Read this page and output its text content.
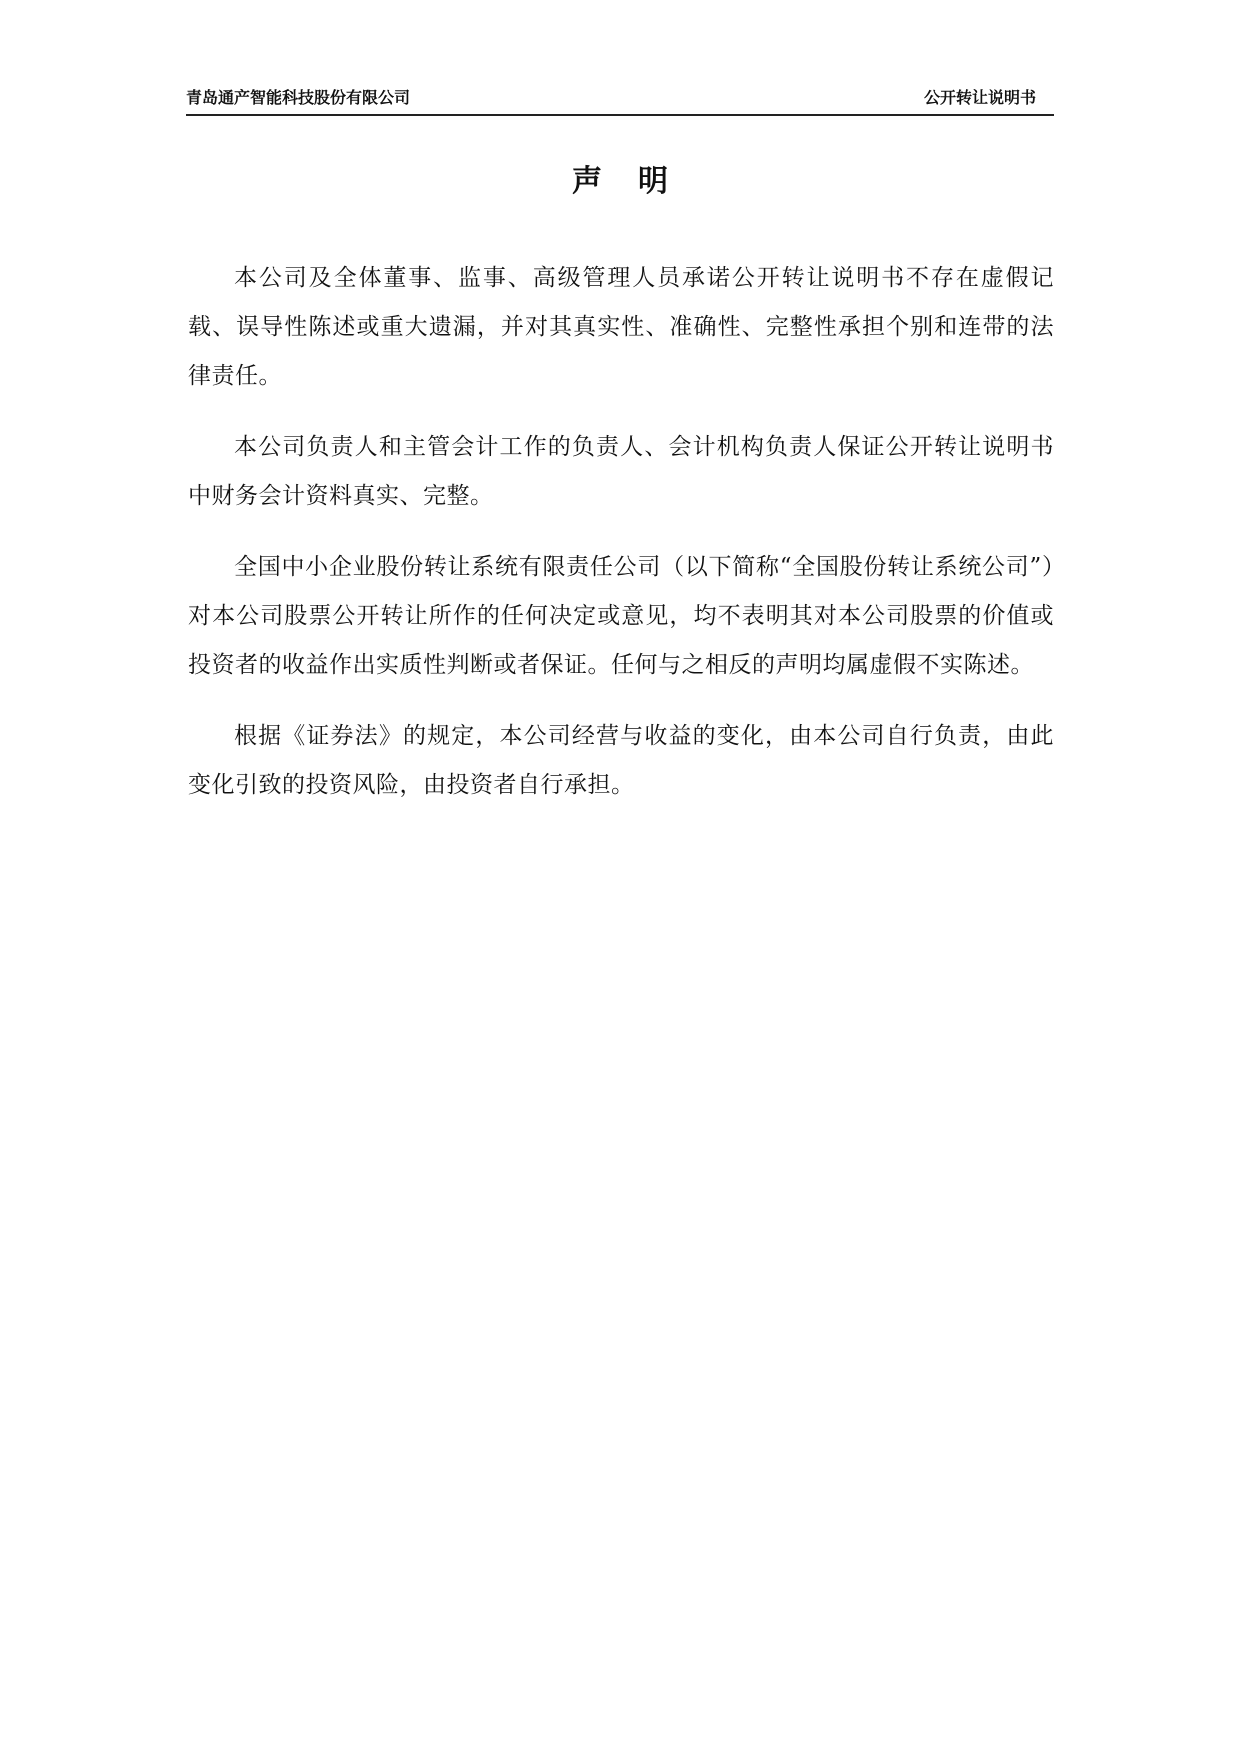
青岛通产智能科技股份有限公司	公开转让说明书
声明

本公司及全体董事、监事、高级管理人员承诺公开转让说明书不存在虚假记载、误导性陈述或重大遗漏，并对其真实性、准确性、完整性承担个别和连带的法律责任。

本公司负责人和主管会计工作的负责人、会计机构负责人保证公开转让说明书中财务会计资料真实、完整。

全国中小企业股份转让系统有限责任公司（以下简称“全国股份转让系统公司”）对本公司股票公开转让所作的任何决定或意见，均不表明其对本公司股票的价值或投资者的收益作出实质性判断或者保证。任何与之相反的声明均属虚假不实陈述。

根据《证券法》的规定，本公司经营与收益的变化，由本公司自行负责，由此变化引致的投资风险，由投资者自行承担。
